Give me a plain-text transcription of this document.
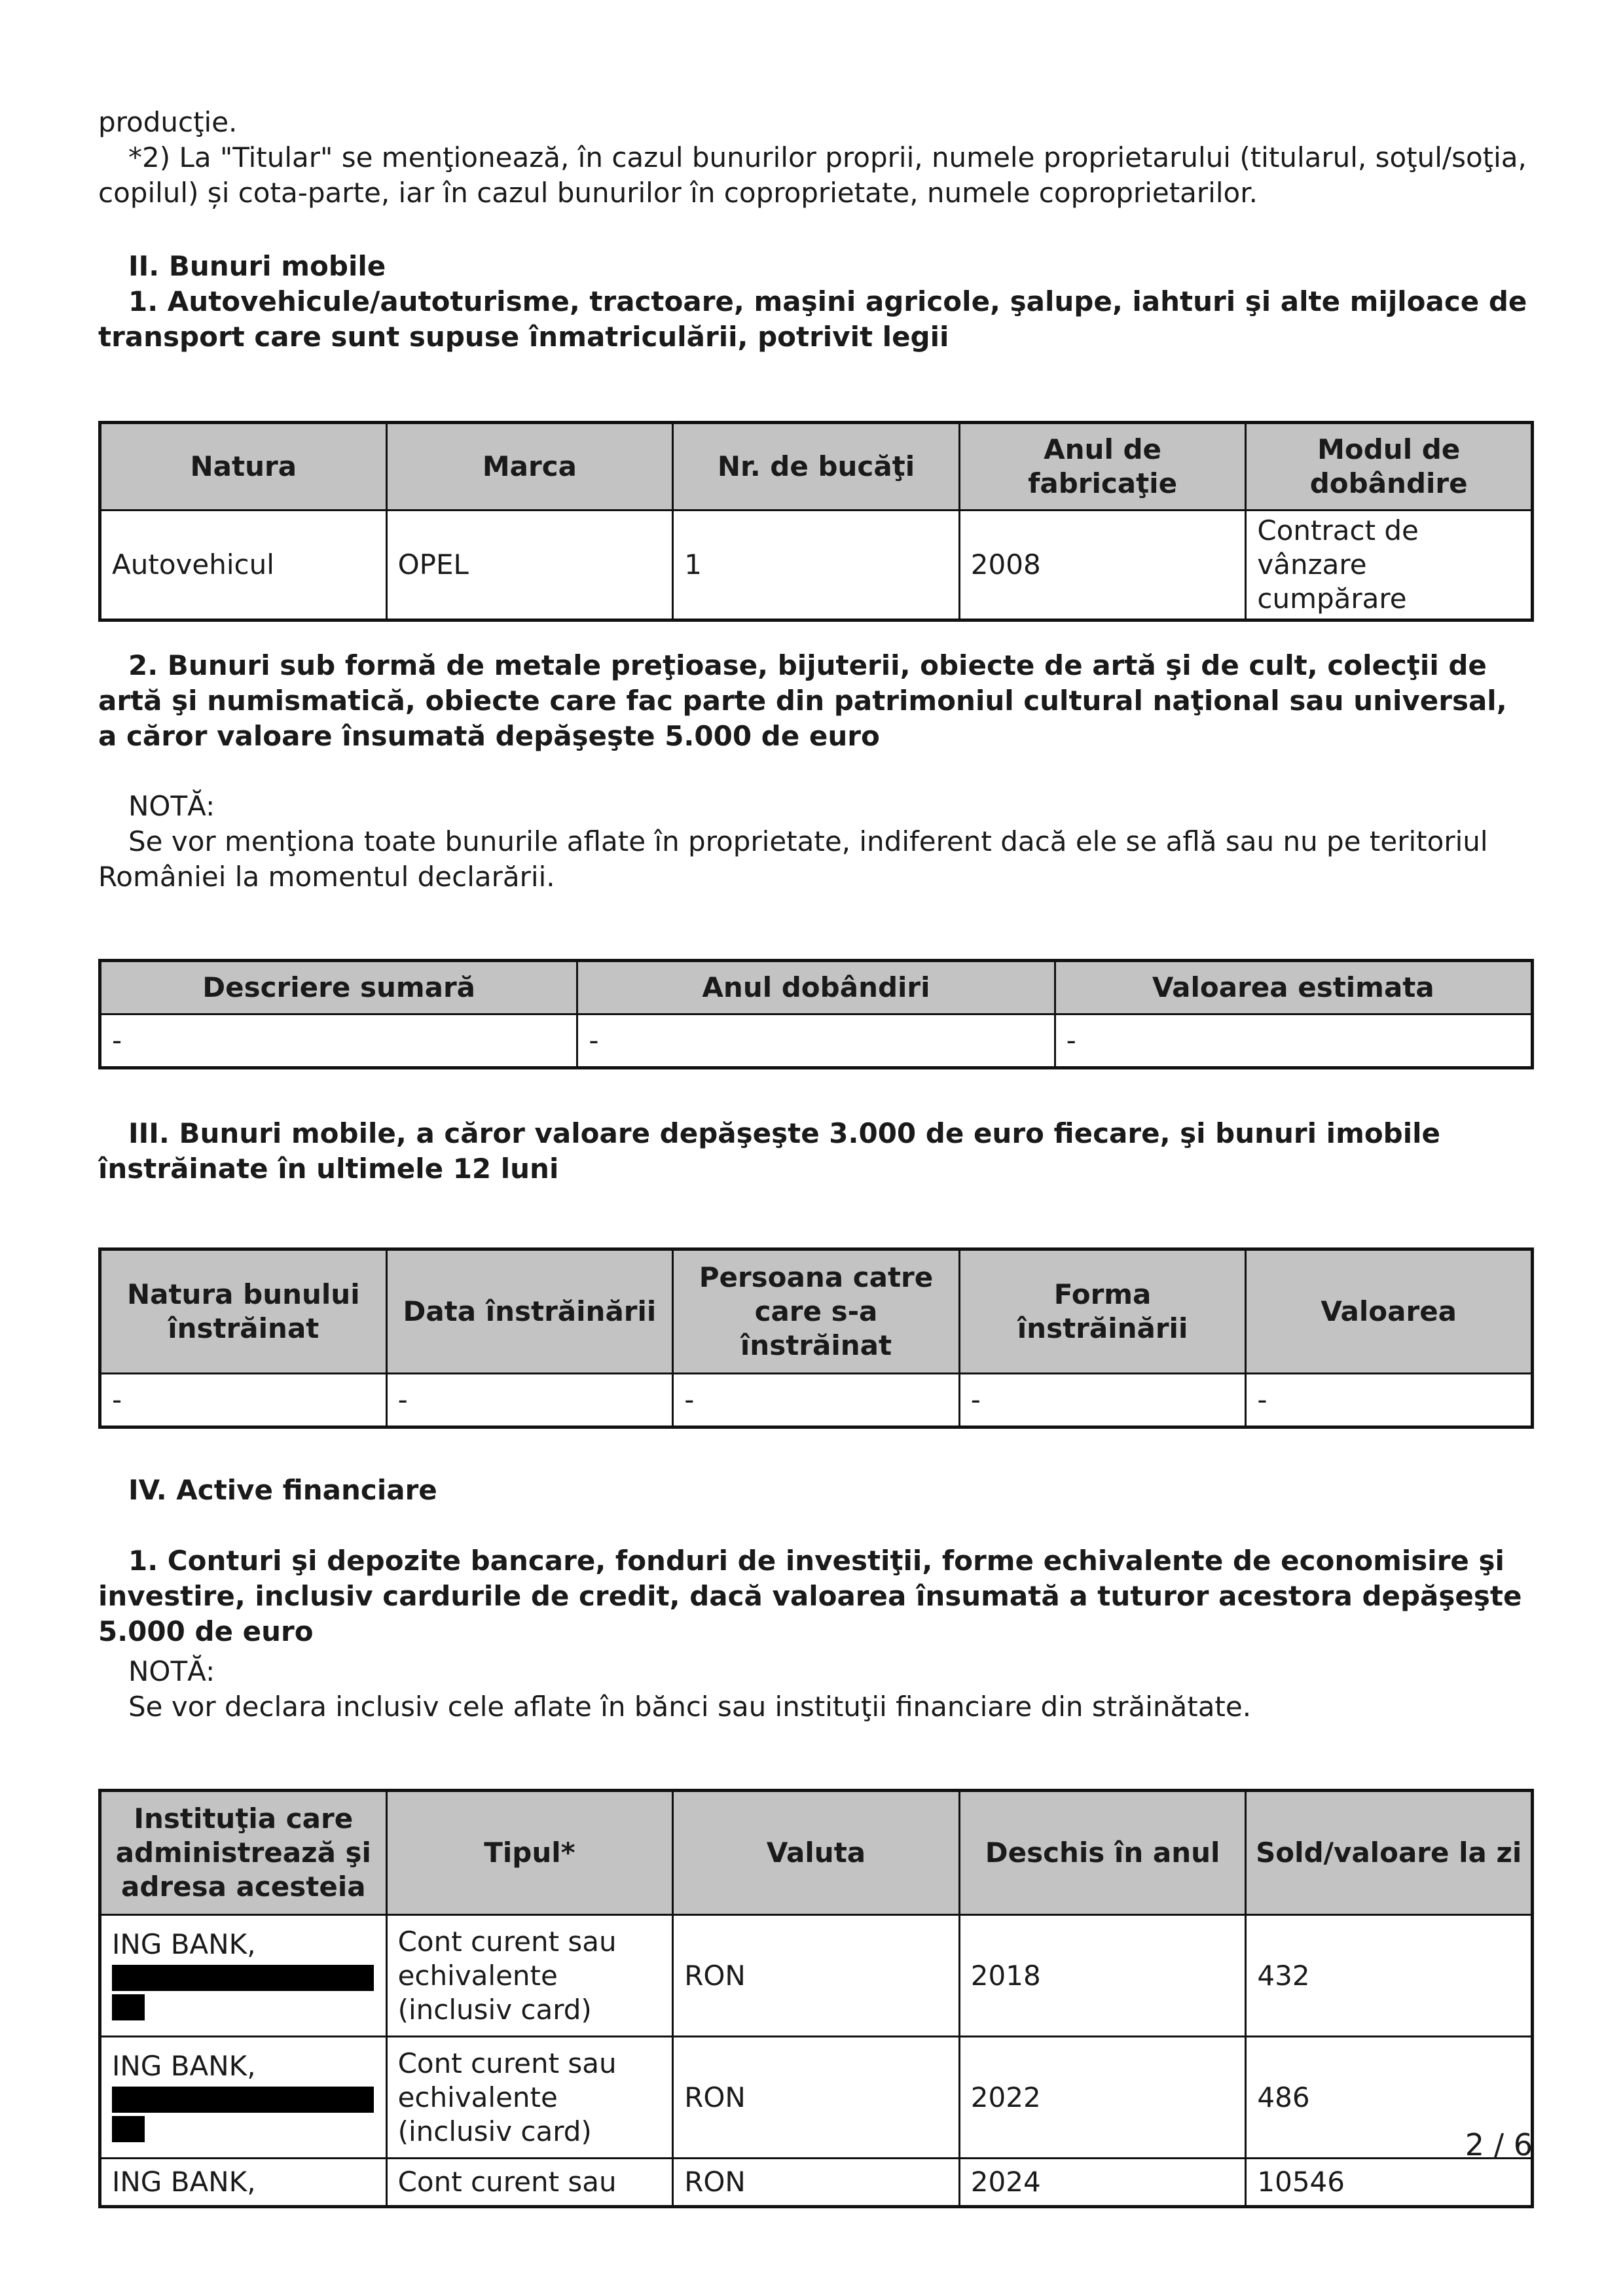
producţie.
*2) La "Titular" se menţionează, în cazul bunurilor proprii, numele proprietarului (titularul, soţul/soţia, copilul) și cota-parte, iar în cazul bunurilor în coproprietate, numele coproprietarilor.
II. Bunuri mobile
1. Autovehicule/autoturisme, tractoare, maşini agricole, şalupe, iahturi şi alte mijloace de transport care sunt supuse înmatriculării, potrivit legii
Natura	Marca	Nr. de bucăţi	Anul de fabricaţie	Modul de dobândire
Autovehicul	OPEL	1	2008	Contract de vânzare cumpărare
2. Bunuri sub formă de metale preţioase, bijuterii, obiecte de artă şi de cult, colecţii de artă şi numismatică, obiecte care fac parte din patrimoniul cultural naţional sau universal, a căror valoare însumată depăşeşte 5.000 de euro
NOTĂ:
Se vor menţiona toate bunurile aflate în proprietate, indiferent dacă ele se află sau nu pe teritoriul României la momentul declarării.
Descriere sumară	Anul dobândiri	Valoarea estimata
-	-	-
III. Bunuri mobile, a căror valoare depăşeşte 3.000 de euro fiecare, şi bunuri imobile înstrăinate în ultimele 12 luni
Natura bunului înstrăinat	Data înstrăinării	Persoana catre care s-a înstrăinat	Forma înstrăinării	Valoarea
-	-	-	-	-
IV. Active financiare
1. Conturi şi depozite bancare, fonduri de investiţii, forme echivalente de economisire şi investire, inclusiv cardurile de credit, dacă valoarea însumată a tuturor acestora depăşeşte 5.000 de euro
NOTĂ:
Se vor declara inclusiv cele aflate în bănci sau instituţii financiare din străinătate.
Instituţia care administrează şi adresa acesteia	Tipul*	Valuta	Deschis în anul	Sold/valoare la zi
ING BANK,	Cont curent sau echivalente (inclusiv card)	RON	2018	432
ING BANK,	Cont curent sau echivalente (inclusiv card)	RON	2022	486
ING BANK,	Cont curent sau	RON	2024	10546
2 / 6
